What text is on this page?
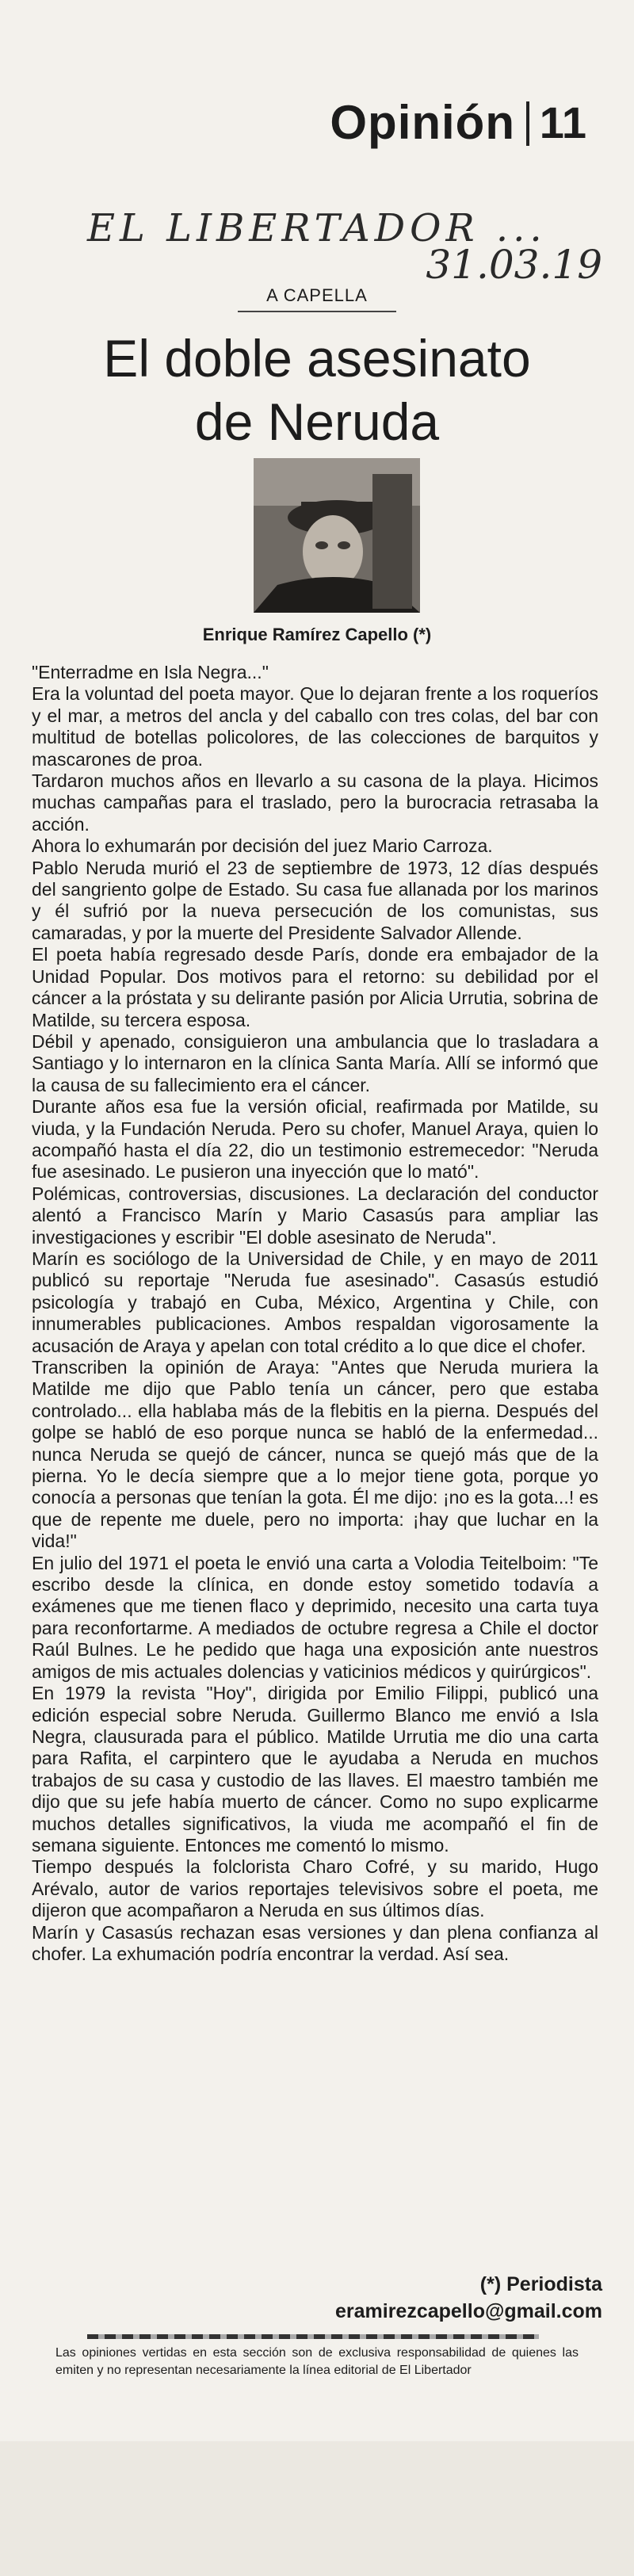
Opinión 11
EL LIBERTADOR ...
31.03.19
A CAPELLA
El doble asesinato
de Neruda
Enrique Ramírez Capello (*)

"Enterradme en Isla Negra..."

Era la voluntad del poeta mayor. Que lo dejaran frente a los roqueríos y el mar, a metros del ancla y del caballo con tres colas, del bar con multitud de botellas policolores, de las colecciones de barquitos y mascarones de proa.

Tardaron muchos años en llevarlo a su casona de la playa. Hicimos muchas campañas para el traslado, pero la burocracia retrasaba la acción.

Ahora lo exhumarán por decisión del juez Mario Carroza.

Pablo Neruda murió el 23 de septiembre de 1973, 12 días después del sangriento golpe de Estado. Su casa fue allanada por los marinos y él sufrió por la nueva persecución de los comunistas, sus camaradas, y por la muerte del Presidente Salvador Allende.

El poeta había regresado desde París, donde era embajador de la Unidad Popular. Dos motivos para el retorno: su debilidad por el cáncer a la próstata y su delirante pasión por Alicia Urrutia, sobrina de Matilde, su tercera esposa.

Débil y apenado, consiguieron una ambulancia que lo trasladara a Santiago y lo internaron en la clínica Santa María. Allí se informó que la causa de su fallecimiento era el cáncer.

Durante años esa fue la versión oficial, reafirmada por Matilde, su viuda, y la Fundación Neruda. Pero su chofer, Manuel Araya, quien lo acompañó hasta el día 22, dio un testimonio estremecedor: "Neruda fue asesinado. Le pusieron una inyección que lo mató".

Polémicas, controversias, discusiones. La declaración del conductor alentó a Francisco Marín y Mario Casasús para ampliar las investigaciones y escribir "El doble asesinato de Neruda".

Marín es sociólogo de la Universidad de Chile, y en mayo de 2011 publicó su reportaje "Neruda fue asesinado". Casasús estudió psicología y trabajó en Cuba, México, Argentina y Chile, con innumerables publicaciones. Ambos respaldan vigorosamente la acusación de Araya y apelan con total crédito a lo que dice el chofer.

Transcriben la opinión de Araya: "Antes que Neruda muriera la Matilde me dijo que Pablo tenía un cáncer, pero que estaba controlado... ella hablaba más de la flebitis en la pierna. Después del golpe se habló de eso porque nunca se habló de la enfermedad... nunca Neruda se quejó de cáncer, nunca se quejó más que de la pierna. Yo le decía siempre que a lo mejor tiene gota, porque yo conocía a personas que tenían la gota. Él me dijo: ¡no es la gota...! es que de repente me duele, pero no importa: ¡hay que luchar en la vida!"

En julio del 1971 el poeta le envió una carta a Volodia Teitelboim: "Te escribo desde la clínica, en donde estoy sometido todavía a exámenes que me tienen flaco y deprimido, necesito una carta tuya para reconfortarme. A mediados de octubre regresa a Chile el doctor Raúl Bulnes. Le he pedido que haga una exposición ante nuestros amigos de mis actuales dolencias y vaticinios médicos y quirúrgicos".

En 1979 la revista "Hoy", dirigida por Emilio Filippi, publicó una edición especial sobre Neruda. Guillermo Blanco me envió a Isla Negra, clausurada para el público. Matilde Urrutia me dio una carta para Rafita, el carpintero que le ayudaba a Neruda en muchos trabajos de su casa y custodio de las llaves. El maestro también me dijo que su jefe había muerto de cáncer. Como no supo explicarme muchos detalles significativos, la viuda me acompañó el fin de semana siguiente. Entonces me comentó lo mismo.

Tiempo después la folclorista Charo Cofré, y su marido, Hugo Arévalo, autor de varios reportajes televisivos sobre el poeta, me dijeron que acompañaron a Neruda en sus últimos días.

Marín y Casasús rechazan esas versiones y dan plena confianza al chofer. La exhumación podría encontrar la verdad. Así sea.

(*) Periodista
eramirezcapello@gmail.com
Las opiniones vertidas en esta sección son de exclusiva responsabilidad de quienes las emiten y no representan necesariamente la línea editorial de El Libertador
